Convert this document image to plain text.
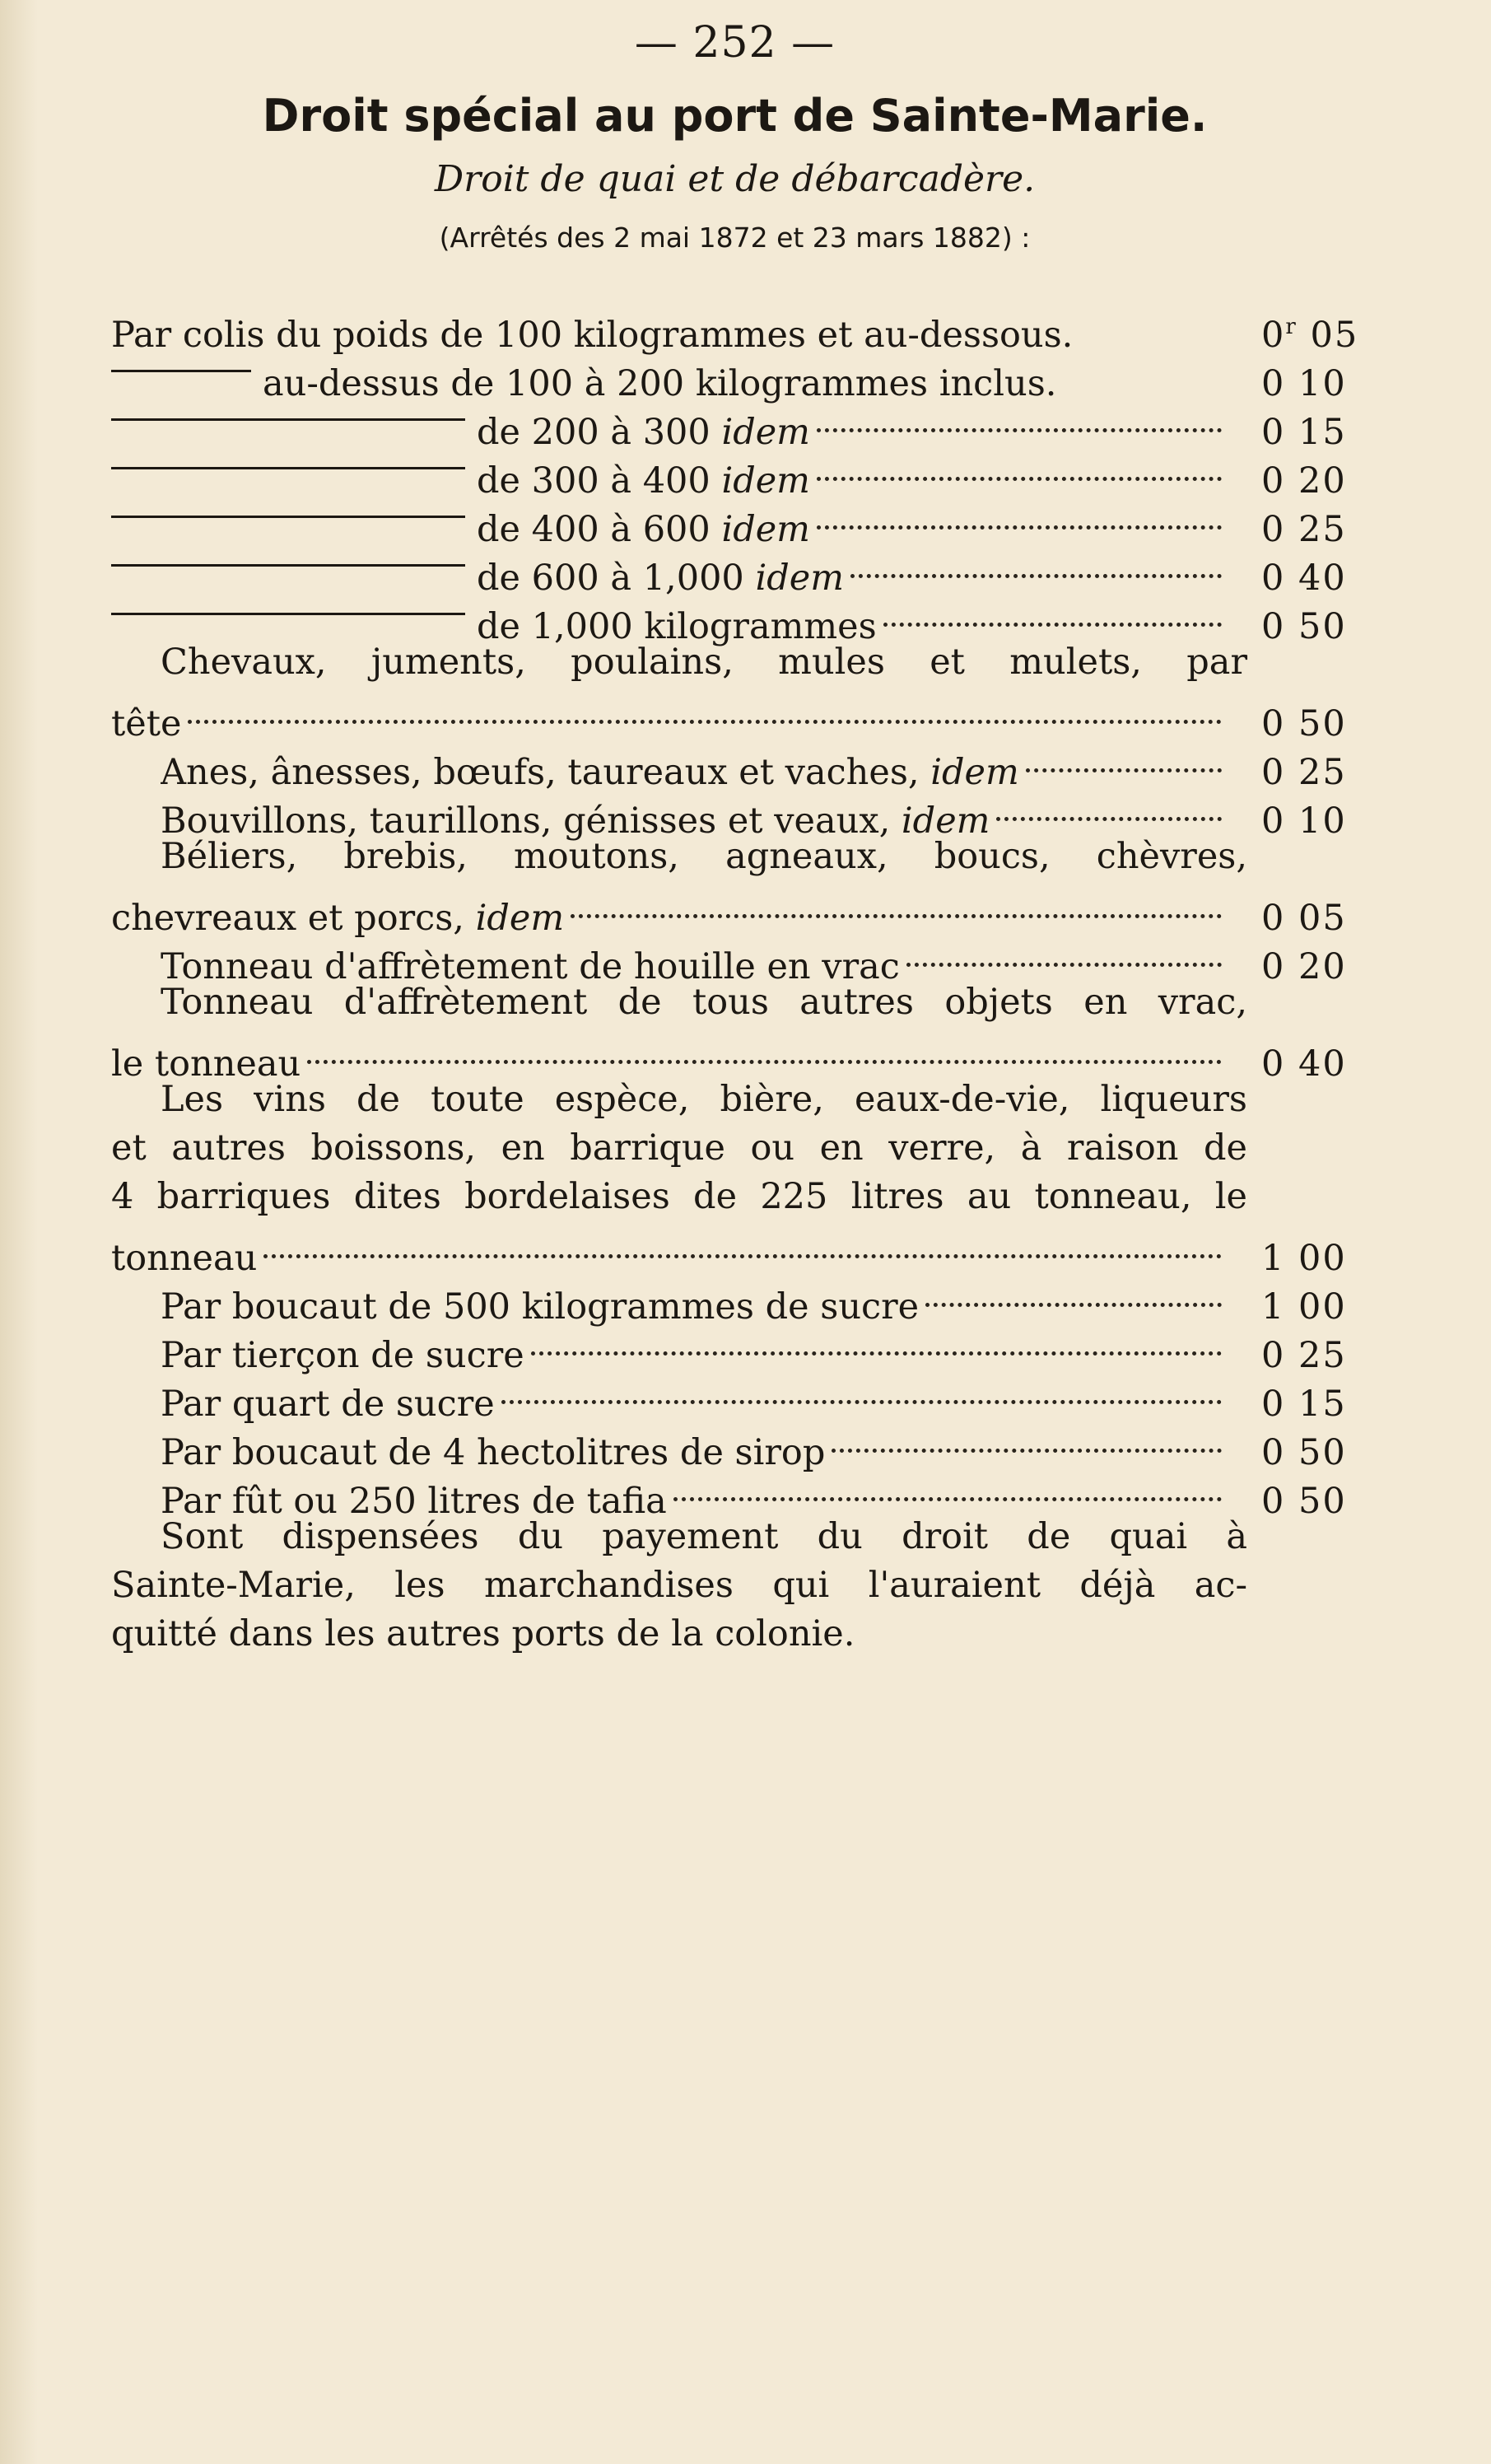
— 252 —
Droit spécial au port de Sainte-Marie.
Droit de quai et de débarcadère.
(Arrêtés des 2 mai 1872 et 23 mars 1882) :
Par colis du poids de 100 kilogrammes et au-dessous.	0$^r$ 05
au-dessus de 100 à 200 kilogrammes inclus.	0 10
de 200 à 300 idem	0 15
de 300 à 400 idem	0 20
de 400 à 600 idem	0 25
de 600 à 1,000 idem	0 40
de 1,000 kilogrammes	0 50
Chevaux, juments, poulains, mules et mulets, par
tête	0 50
Anes, ânesses, bœufs, taureaux et vaches, idem	0 25
Bouvillons, taurillons, génisses et veaux, idem	0 10
Béliers, brebis, moutons, agneaux, boucs, chèvres,
chevreaux et porcs, idem	0 05
Tonneau d'affrètement de houille en vrac	0 20
Tonneau d'affrètement de tous autres objets en vrac,
le tonneau	0 40
Les vins de toute espèce, bière, eaux-de-vie, liqueurs
et autres boissons, en barrique ou en verre, à raison de
4 barriques dites bordelaises de 225 litres au tonneau, le
tonneau	1 00
Par boucaut de 500 kilogrammes de sucre	1 00
Par tierçon de sucre	0 25
Par quart de sucre	0 15
Par boucaut de 4 hectolitres de sirop	0 50
Par fût ou 250 litres de tafia	0 50
Sont dispensées du payement du droit de quai à
Sainte-Marie, les marchandises qui l'auraient déjà ac-
quitté dans les autres ports de la colonie.
